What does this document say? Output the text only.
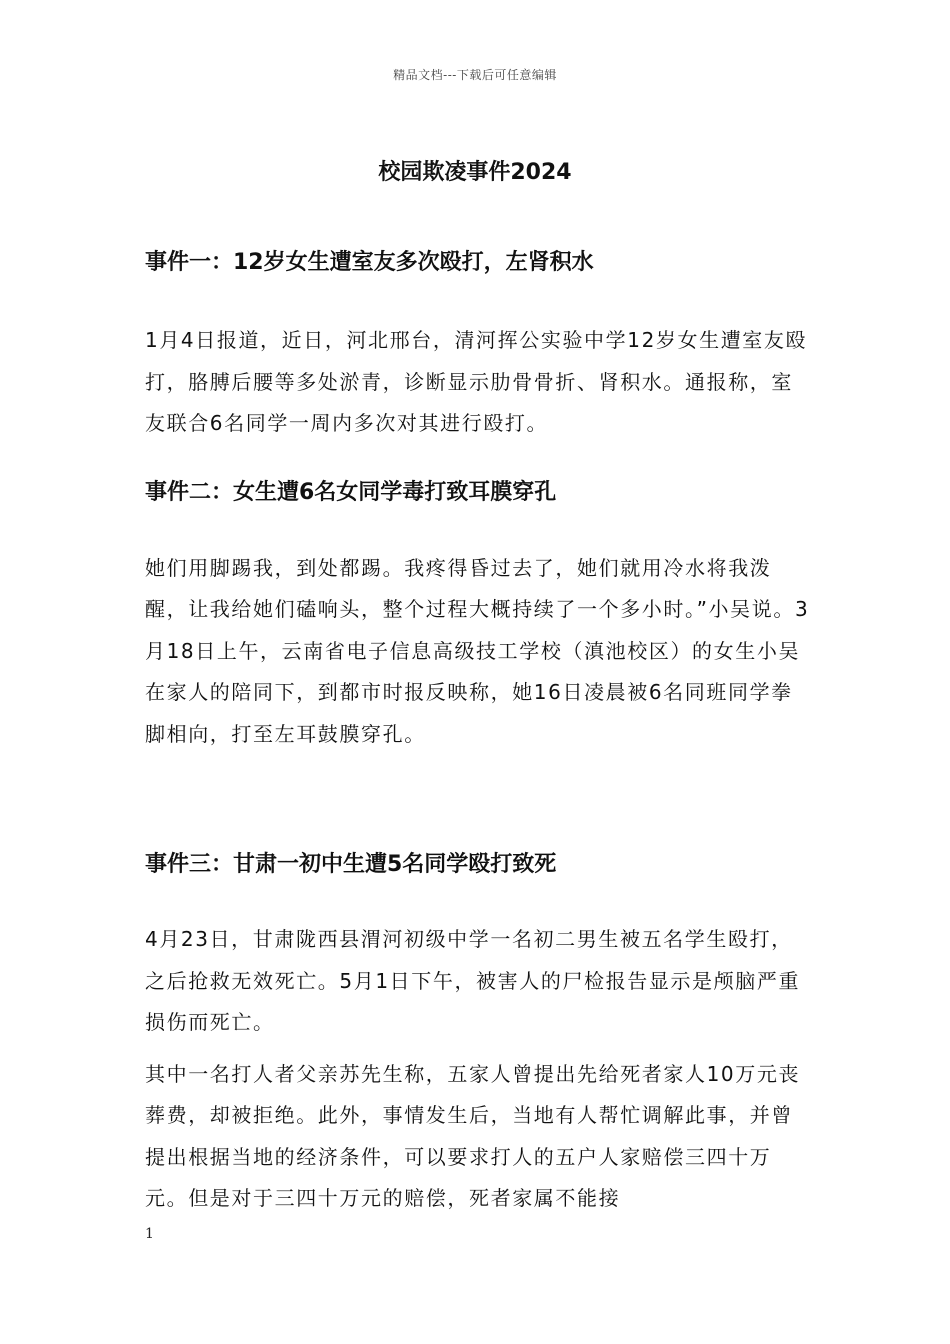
精品文档---下载后可任意编辑
校园欺凌事件2024
事件一：12岁女生遭室友多次殴打，左肾积水

1月4日报道，近日，河北邢台，清河挥公实验中学12岁女生遭室友殴打，胳膊后腰等多处淤青，诊断显示肋骨骨折、肾积水。通报称，室友联合6名同学一周内多次对其进行殴打。

事件二：女生遭6名女同学毒打致耳膜穿孔

她们用脚踢我，到处都踢。我疼得昏过去了，她们就用冷水将我泼醒，让我给她们磕响头，整个过程大概持续了一个多小时。”小吴说。3月18日上午，云南省电子信息高级技工学校（滇池校区）的女生小吴在家人的陪同下，到都市时报反映称，她16日凌晨被6名同班同学拳脚相向，打至左耳鼓膜穿孔。

事件三：甘肃一初中生遭5名同学殴打致死

4月23日，甘肃陇西县渭河初级中学一名初二男生被五名学生殴打，之后抢救无效死亡。5月1日下午，被害人的尸检报告显示是颅脑严重损伤而死亡。

其中一名打人者父亲苏先生称，五家人曾提出先给死者家人10万元丧葬费，却被拒绝。此外，事情发生后，当地有人帮忙调解此事，并曾提出根据当地的经济条件，可以要求打人的五户人家赔偿三四十万元。但是对于三四十万元的赔偿，死者家属不能接

1
